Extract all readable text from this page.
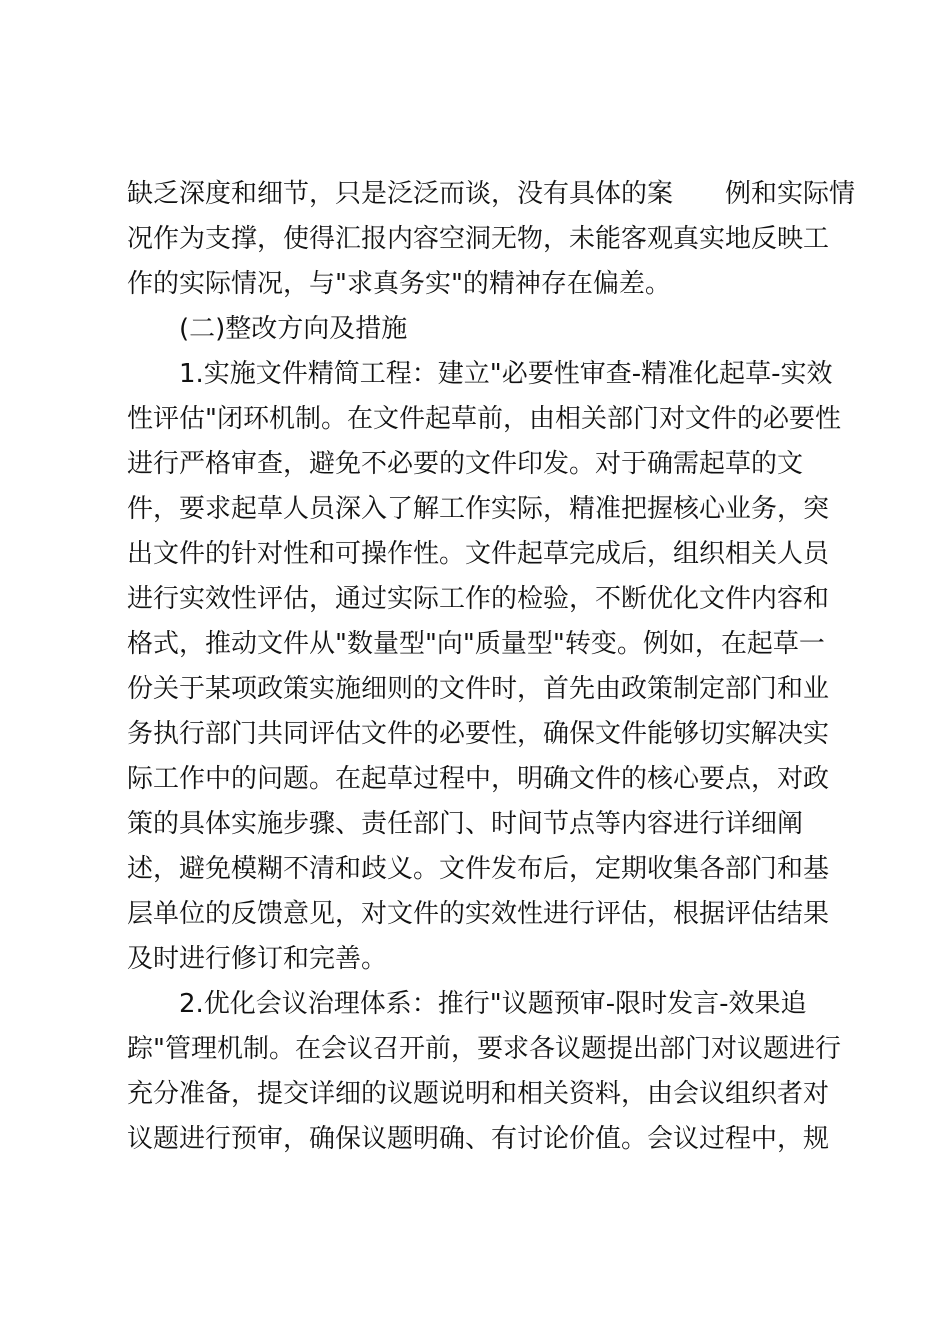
缺乏深度和细节，只是泛泛而谈，没有具体的案　　例和实际情
况作为支撑，使得汇报内容空洞无物，未能客观真实地反映工
作的实际情况，与"求真务实"的精神存在偏差。
(二)整改方向及措施
1.实施文件精简工程：建立"必要性审查-精准化起草-实效
性评估"闭环机制。在文件起草前，由相关部门对文件的必要性
进行严格审查，避免不必要的文件印发。对于确需起草的文
件，要求起草人员深入了解工作实际，精准把握核心业务，突
出文件的针对性和可操作性。文件起草完成后，组织相关人员
进行实效性评估，通过实际工作的检验，不断优化文件内容和
格式，推动文件从"数量型"向"质量型"转变。例如，在起草一
份关于某项政策实施细则的文件时，首先由政策制定部门和业
务执行部门共同评估文件的必要性，确保文件能够切实解决实
际工作中的问题。在起草过程中，明确文件的核心要点，对政
策的具体实施步骤、责任部门、时间节点等内容进行详细阐
述，避免模糊不清和歧义。文件发布后，定期收集各部门和基
层单位的反馈意见，对文件的实效性进行评估，根据评估结果
及时进行修订和完善。
2.优化会议治理体系：推行"议题预审-限时发言-效果追
踪"管理机制。在会议召开前，要求各议题提出部门对议题进行
充分准备，提交详细的议题说明和相关资料，由会议组织者对
议题进行预审，确保议题明确、有讨论价值。会议过程中，规
